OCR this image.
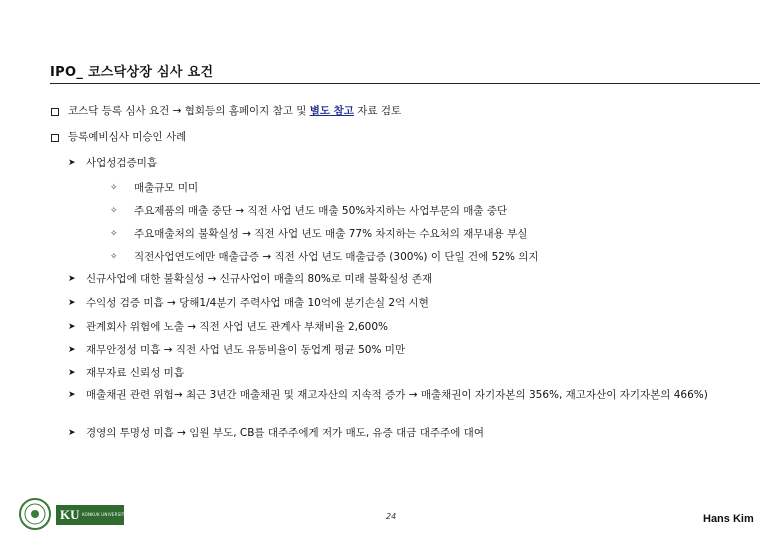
IPO_ 코스닥상장 심사 요건
코스닥 등록 심사 요건 → 협회등의 홈페이지 참고 및 별도 참고 자료 검토
등록예비심사 미승인 사례
➤ 사업성검증미흡
✧ 매출규모 미미
✧ 주요제품의 매출 중단 → 직전 사업 년도 매출 50%차지하는 사업부문의 매출 중단
✧ 주요매출처의 불확실성 → 직전 사업 년도 매출 77% 차지하는 수요처의 재무내용 부실
✧ 직전사업연도에만 매출급증 → 직전 사업 년도 매출급증 (300%) 이 단일 건에 52% 의지
➤ 신규사업에 대한 불확실성 → 신규사업이 매출의 80%로 미래 불확실성 존재
➤ 수익성 검증 미흡 → 당해1/4분기 주력사업 매출 10억에 분기손실 2억 시현
➤ 관계회사 위험에 노출 → 직전 사업 년도 관계사 부채비율 2,600%
➤ 재무안정성 미흡 → 직전 사업 년도 유동비율이 동업계 평균 50% 미만
➤ 재무자료 신뢰성 미흡
➤ 매출채권 관련 위험→ 최근 3년간 매출채권 및 재고자산의 지속적 증가 → 매출채권이 자기자본의 356%, 재고자산이 자기자본의 466%)
➤ 경영의 투명성 미흡 → 임원 부도, CB를 대주주에게 저가 매도, 유증 대금 대주주에 대여
KU KONKUK UNIVERSITY	24	Hans Kim
